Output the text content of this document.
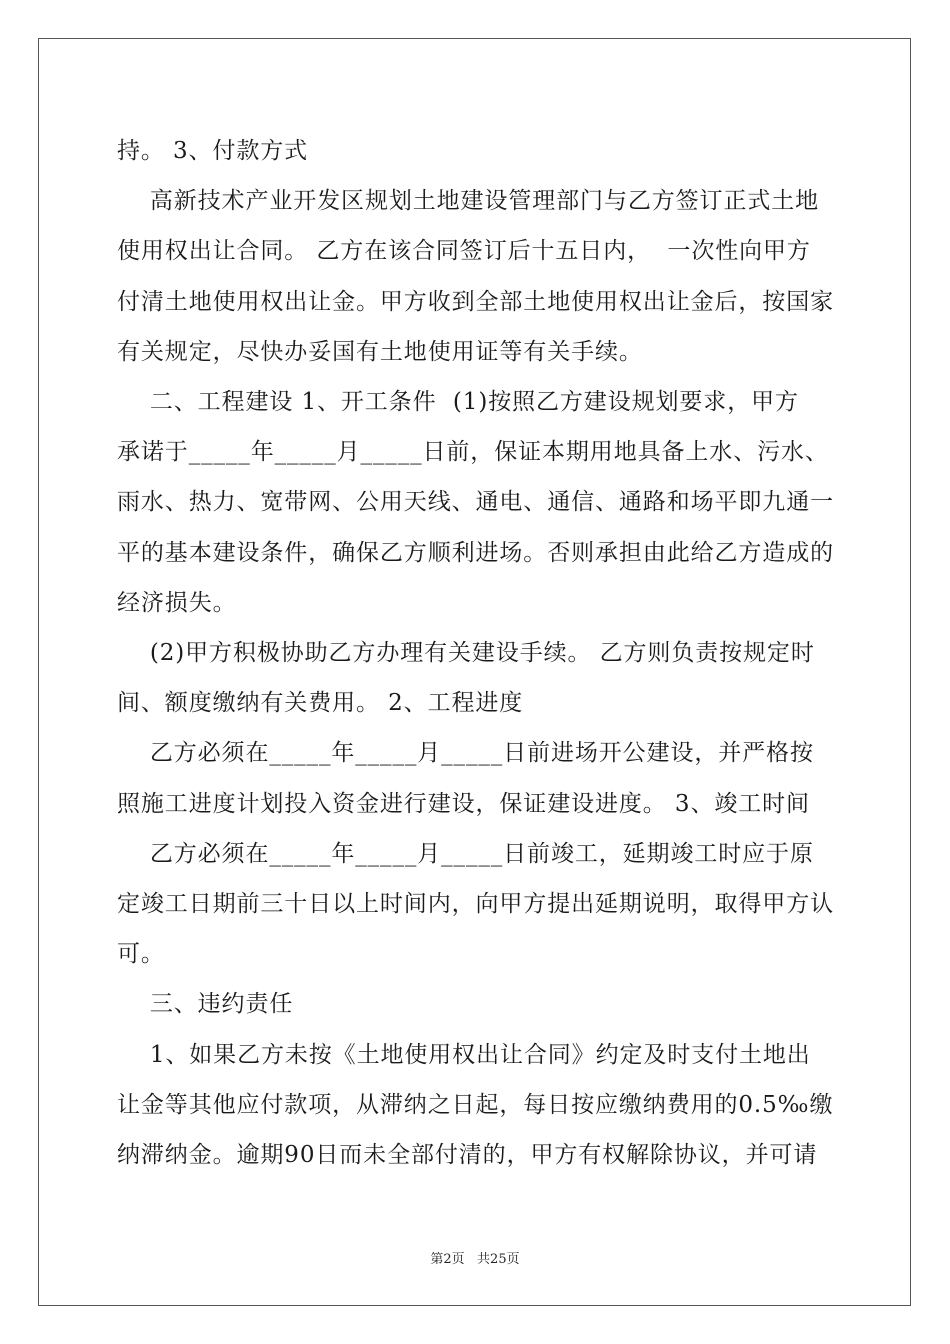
持。 3、付款方式

高新技术产业开发区规划土地建设管理部门与乙方签订正式土地

使用权出让合同。 乙方在该合同签订后十五日内，  一次性向甲方

付清土地使用权出让金。甲方收到全部土地使用权出让金后，按国家

有关规定，尽快办妥国有土地使用证等有关手续。

二、工程建设 1、开工条件  (1)按照乙方建设规划要求，甲方

承诺于_____年_____月_____日前，保证本期用地具备上水、污水、

雨水、热力、宽带网、公用天线、通电、通信、通路和场平即九通一

平的基本建设条件，确保乙方顺利进场。否则承担由此给乙方造成的

经济损失。

(2)甲方积极协助乙方办理有关建设手续。 乙方则负责按规定时

间、额度缴纳有关费用。 2、工程进度

乙方必须在_____年_____月_____日前进场开公建设，并严格按

照施工进度计划投入资金进行建设，保证建设进度。 3、竣工时间

乙方必须在_____年_____月_____日前竣工，延期竣工时应于原

定竣工日期前三十日以上时间内，向甲方提出延期说明，取得甲方认

可。

三、违约责任

1、如果乙方未按《土地使用权出让合同》约定及时支付土地出

让金等其他应付款项，从滞纳之日起，每日按应缴纳费用的0.5‰缴

纳滞纳金。逾期90日而未全部付清的，甲方有权解除协议，并可请

第2页   共25页
